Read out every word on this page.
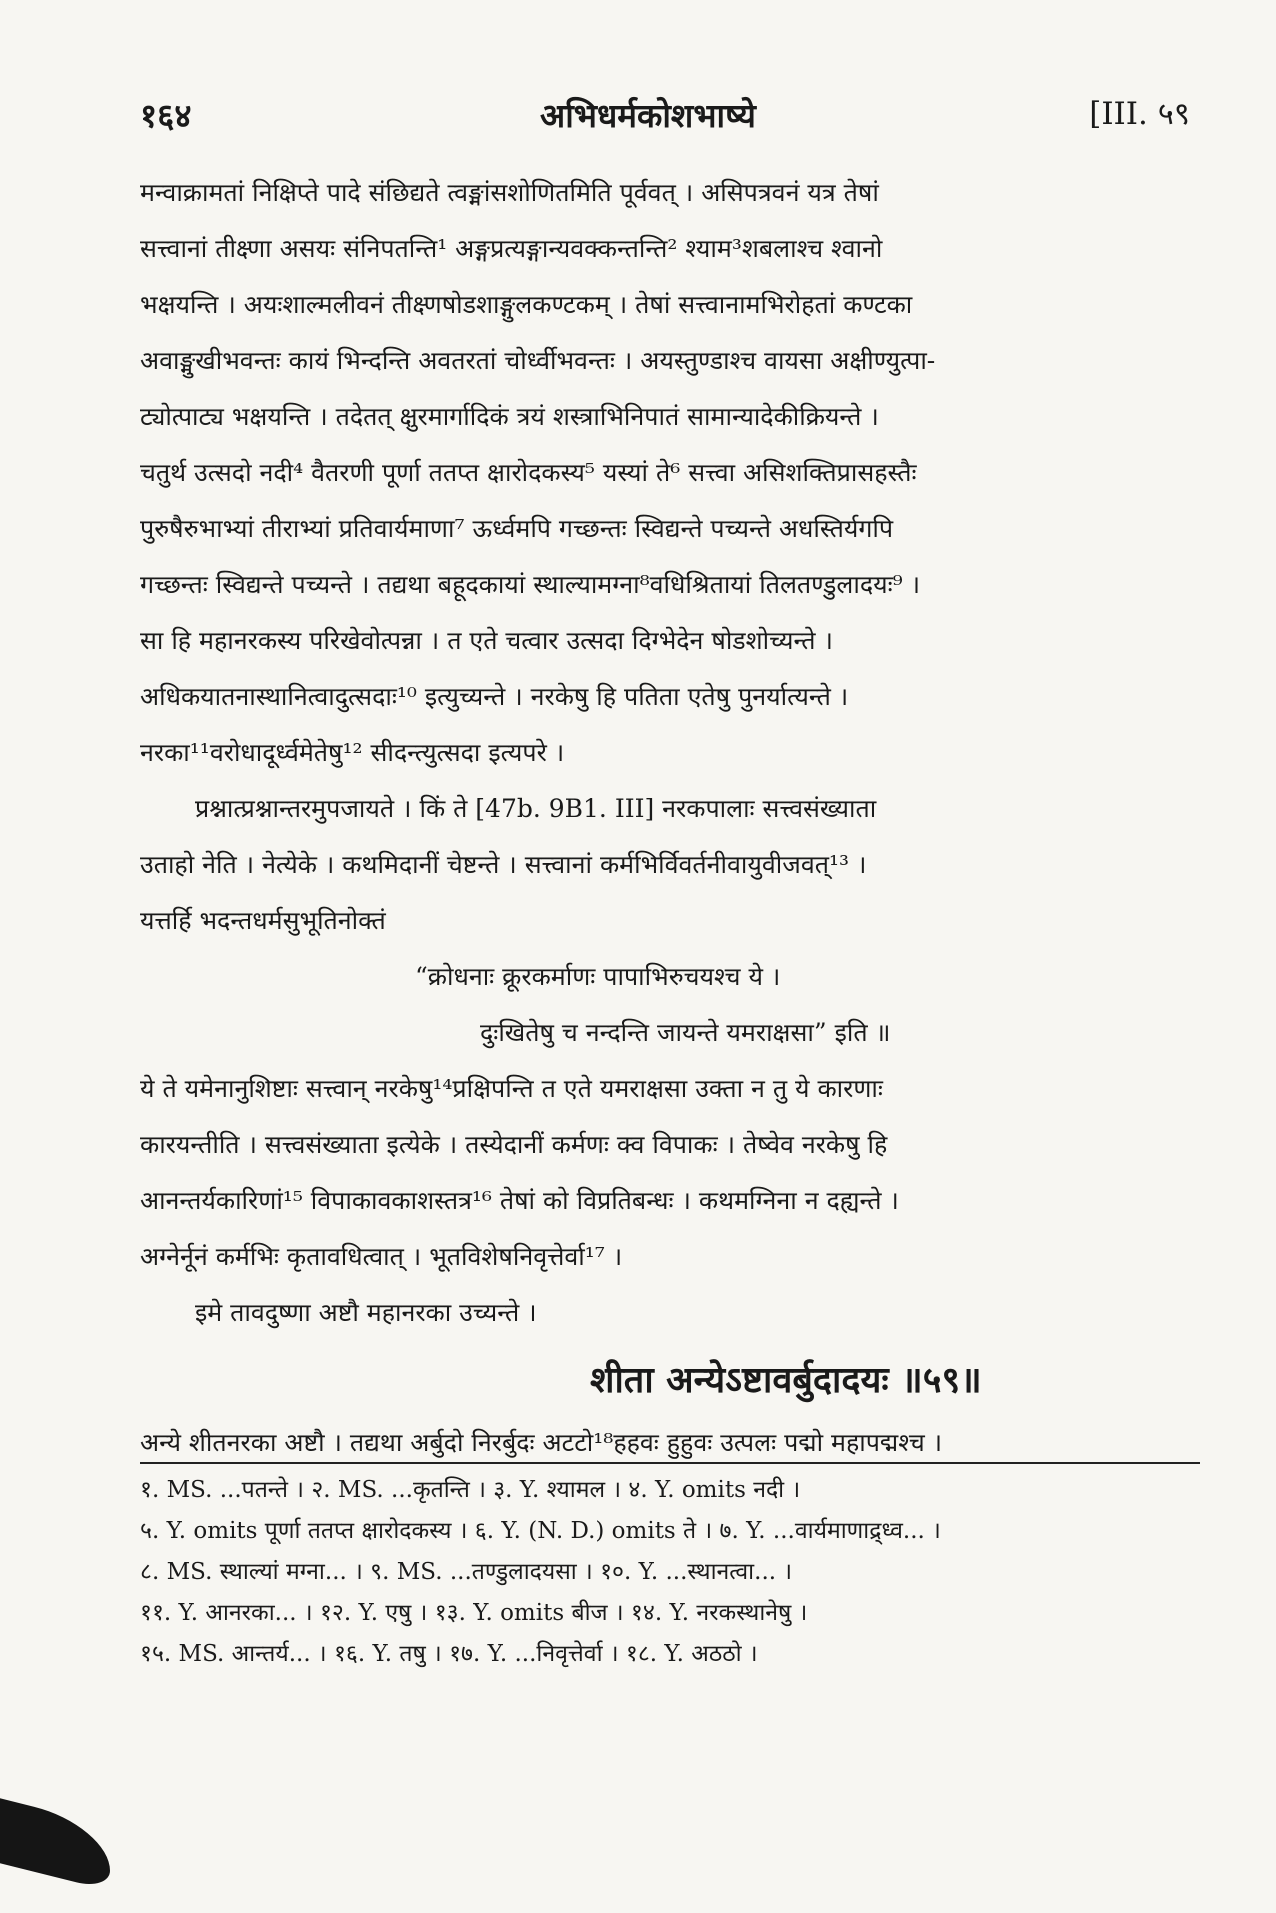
१६४	अभिधर्मकोशभाष्ये	[III. ५९
मन्वाक्रामतां निक्षिप्ते पादे संछिद्यते त्वङ्मांसशोणितमिति पूर्ववत् । असिपत्रवनं यत्र तेषां
सत्त्वानां तीक्ष्णा असयः संनिपतन्ति¹ अङ्गप्रत्यङ्गान्यवक्कन्तन्ति² श्याम³शबलाश्च श्वानो
भक्षयन्ति । अयःशाल्मलीवनं तीक्ष्णषोडशाङ्गुलकण्टकम् । तेषां सत्त्वानामभिरोहतां कण्टका
अवाङ्मुखीभवन्तः कायं भिन्दन्ति अवतरतां चोर्ध्वीभवन्तः । अयस्तुण्डाश्च वायसा अक्षीण्युत्पा-
ट्योत्पाट्य भक्षयन्ति । तदेतत् क्षुरमार्गादिकं त्रयं शस्त्राभिनिपातं सामान्यादेकीक्रियन्ते ।
चतुर्थ उत्सदो नदी⁴ वैतरणी पूर्णा ततप्त क्षारोदकस्य⁵ यस्यां ते⁶ सत्त्वा असिशक्तिप्रासहस्तैः
पुरुषैरुभाभ्यां तीराभ्यां प्रतिवार्यमाणा⁷ ऊर्ध्वमपि गच्छन्तः स्विद्यन्ते पच्यन्ते अधस्तिर्यगपि
गच्छन्तः स्विद्यन्ते पच्यन्ते । तद्यथा बहूदकायां स्थाल्यामग्ना⁸वधिश्रितायां तिलतण्डुलादयः⁹ ।
सा हि महानरकस्य परिखेवोत्पन्ना । त एते चत्वार उत्सदा दिग्भेदेन षोडशोच्यन्ते ।
अधिकयातनास्थानित्वादुत्सदाः¹⁰ इत्युच्यन्ते । नरकेषु हि पतिता एतेषु पुनर्यात्यन्ते ।
नरका¹¹वरोधादूर्ध्वमेतेषु¹² सीदन्त्युत्सदा इत्यपरे ।
प्रश्नात्प्रश्नान्तरमुपजायते । किं ते [47b. 9B1. III] नरकपालाः सत्त्वसंख्याता
उताहो नेति । नेत्येके । कथमिदानीं चेष्टन्ते । सत्त्वानां कर्मभिर्विवर्तनीवायुवीजवत्¹³ ।
यत्तर्हि भदन्तधर्मसुभूतिनोक्तं
“क्रोधनाः क्रूरकर्माणः पापाभिरुचयश्च ये ।
दुःखितेषु च नन्दन्ति जायन्ते यमराक्षसा” इति ॥
ये ते यमेनानुशिष्टाः सत्त्वान् नरकेषु¹⁴प्रक्षिपन्ति त एते यमराक्षसा उक्ता न तु ये कारणाः
कारयन्तीति । सत्त्वसंख्याता इत्येके । तस्येदानीं कर्मणः क्व विपाकः । तेष्वेव नरकेषु हि
आनन्तर्यकारिणां¹⁵ विपाकावकाशस्तत्र¹⁶ तेषां को विप्रतिबन्धः । कथमग्निना न दह्यन्ते ।
अग्नेर्नूनं कर्मभिः कृतावधित्वात् । भूतविशेषनिवृत्तेर्वा¹⁷ ।
इमे तावदुष्णा अष्टौ महानरका उच्यन्ते ।
शीता अन्येऽष्टावर्बुदादयः ॥५९॥
अन्ये शीतनरका अष्टौ । तद्यथा अर्बुदो निरर्बुदः अटटो¹⁸हहवः हुहुवः उत्पलः पद्मो महापद्मश्च ।
१. MS. ...पतन्ते । २. MS. ...कृतन्ति । ३. Y. श्यामल । ४. Y. omits नदी ।
५. Y. omits पूर्णा ततप्त क्षारोदकस्य । ६. Y. (N. D.) omits ते । ७. Y. ...वार्यमाणाद्र्ध्व... ।
८. MS. स्थाल्यां मग्ना... । ९. MS. ...तण्डुलादयसा । १०. Y. ...स्थानत्वा... ।
११. Y. आनरका... । १२. Y. एषु । १३. Y. omits बीज । १४. Y. नरकस्थानेषु ।
१५. MS. आन्तर्य... । १६. Y. तषु । १७. Y. ...निवृत्तेर्वा । १८. Y. अठठो ।
